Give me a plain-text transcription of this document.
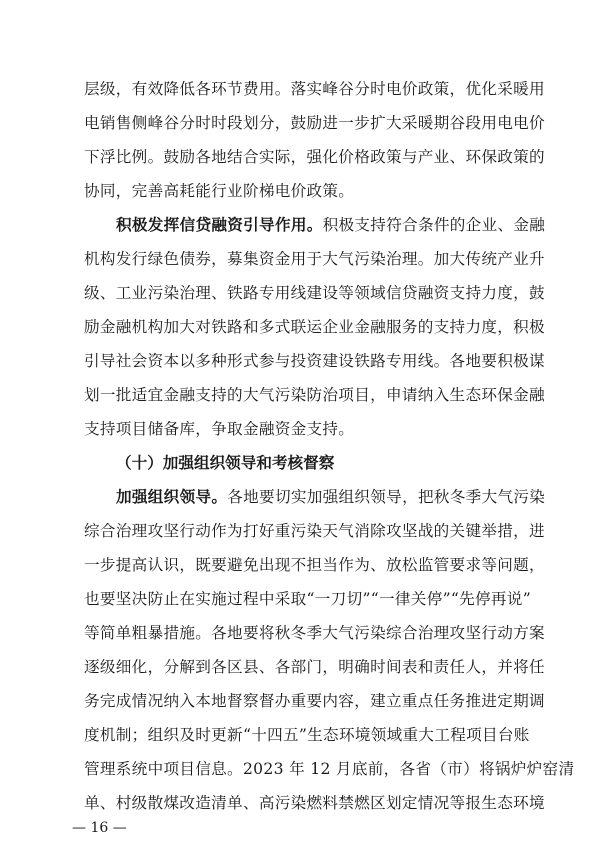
层级，有效降低各环节费用。落实峰谷分时电价政策，优化采暖用
电销售侧峰谷分时时段划分，鼓励进一步扩大采暖期谷段用电电价
下浮比例。鼓励各地结合实际，强化价格政策与产业、环保政策的
协同，完善高耗能行业阶梯电价政策。
积极发挥信贷融资引导作用。积极支持符合条件的企业、金融
机构发行绿色债券，募集资金用于大气污染治理。加大传统产业升
级、工业污染治理、铁路专用线建设等领域信贷融资支持力度，鼓
励金融机构加大对铁路和多式联运企业金融服务的支持力度，积极
引导社会资本以多种形式参与投资建设铁路专用线。各地要积极谋
划一批适宜金融支持的大气污染防治项目，申请纳入生态环保金融
支持项目储备库，争取金融资金支持。
（十）加强组织领导和考核督察
加强组织领导。各地要切实加强组织领导，把秋冬季大气污染
综合治理攻坚行动作为打好重污染天气消除攻坚战的关键举措，进
一步提高认识，既要避免出现不担当作为、放松监管要求等问题，
也要坚决防止在实施过程中采取“一刀切”“一律关停”“先停再说”
等简单粗暴措施。各地要将秋冬季大气污染综合治理攻坚行动方案
逐级细化，分解到各区县、各部门，明确时间表和责任人，并将任
务完成情况纳入本地督察督办重要内容，建立重点任务推进定期调
度机制；组织及时更新“十四五”生态环境领域重大工程项目台账
管理系统中项目信息。2023 年 12 月底前，各省（市）将锅炉炉窑清
单、村级散煤改造清单、高污染燃料禁燃区划定情况等报生态环境
— 16 —
